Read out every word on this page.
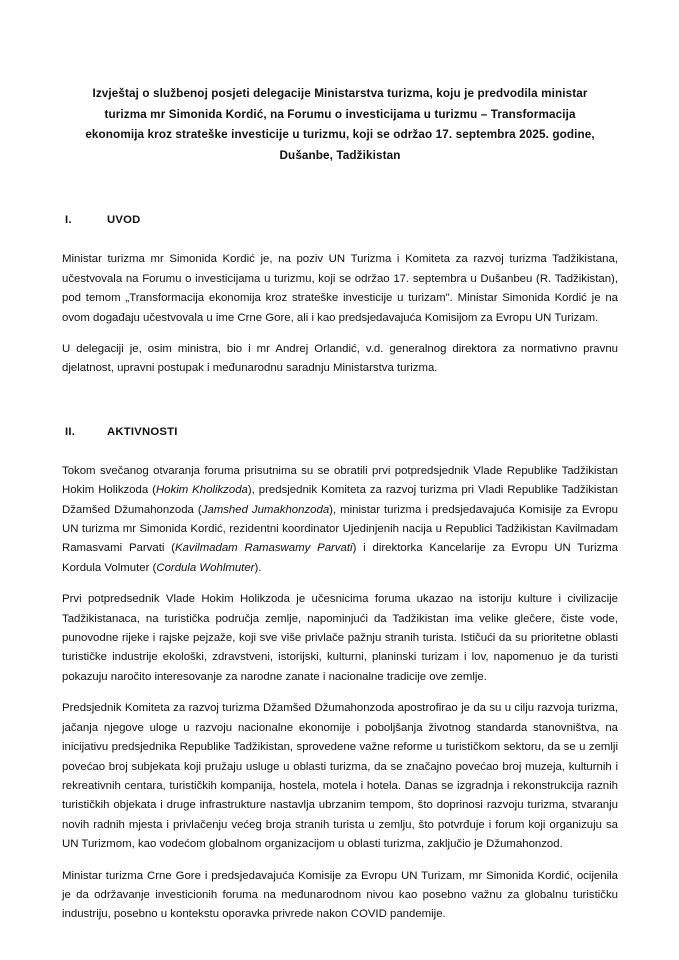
Izvještaj o službenoj posjeti delegacije Ministarstva turizma, koju je predvodila ministar turizma mr Simonida Kordić, na Forumu o investicijama u turizmu – Transformacija ekonomija kroz strateške investicije u turizmu, koji se održao 17. septembra 2025. godine, Dušanbe, Tadžikistan
I.	UVOD

Ministar turizma mr Simonida Kordić je, na poziv UN Turizma i Komiteta za razvoj turizma Tadžikistana, učestvovala na Forumu o investicijama u turizmu, koji se održao 17. septembra u Dušanbeu (R. Tadžikistan), pod temom „Transformacija ekonomija kroz strateške investicije u turizam". Ministar Simonida Kordić je na ovom događaju učestvovala u ime Crne Gore, ali i kao predsjedavajuća Komisijom za Evropu UN Turizam.

U delegaciji je, osim ministra, bio i mr Andrej Orlandić, v.d. generalnog direktora za normativno pravnu djelatnost, upravni postupak i međunarodnu saradnju Ministarstva turizma.

II.	AKTIVNOSTI

Tokom svečanog otvaranja foruma prisutnima su se obratili prvi potpredsjednik Vlade Republike Tadžikistan Hokim Holikzoda (Hokim Kholikzoda), predsjednik Komiteta za razvoj turizma pri Vladi Republike Tadžikistan Džamšed Džumahonzoda (Jamshed Jumakhonzoda), ministar turizma i predsjedavajuća Komisije za Evropu UN turizma mr Simonida Kordić, rezidentni koordinator Ujedinjenih nacija u Republici Tadžikistan Kavilmadam Ramasvami Parvati (Kavilmadam Ramaswamy Parvati) i direktorka Kancelarije za Evropu UN Turizma Kordula Volmuter (Cordula Wohlmuter).

Prvi potpredsednik Vlade Hokim Holikzoda je učesnicima foruma ukazao na istoriju kulture i civilizacije Tadžikistanaca, na turistička područja zemlje, napominjući da Tadžikistan ima velike glečere, čiste vode, punovodne rijeke i rajske pejzaže, koji sve više privlače pažnju stranih turista. Ističući da su prioritetne oblasti turističke industrije ekološki, zdravstveni, istorijski, kulturni, planinski turizam i lov, napomenuo je da turisti pokazuju naročito interesovanje za narodne zanate i nacionalne tradicije ove zemlje.

Predsjednik Komiteta za razvoj turizma Džamšed Džumahonzoda apostrofirao je da su u cilju razvoja turizma, jačanja njegove uloge u razvoju nacionalne ekonomije i poboljšanja životnog standarda stanovništva, na inicijativu predsjednika Republike Tadžikistan, sprovedene važne reforme u turističkom sektoru, da se u zemlji povećao broj subjekata koji pružaju usluge u oblasti turizma, da se značajno povećao broj muzeja, kulturnih i rekreativnih centara, turističkih kompanija, hostela, motela i hotela. Danas se izgradnja i rekonstrukcija raznih turističkih objekata i druge infrastrukture nastavlja ubrzanim tempom, što doprinosi razvoju turizma, stvaranju novih radnih mjesta i privlačenju većeg broja stranih turista u zemlju, što potvrđuje i forum koji organizuju sa UN Turizmom, kao vodećom globalnom organizacijom u oblasti turizma, zaključio je Džumahonzod.

Ministar turizma Crne Gore i predsjedavajuća Komisije za Evropu UN Turizam, mr Simonida Kordić, ocijenila je da održavanje investicionih foruma na međunarodnom nivou kao posebno važnu za globalnu turističku industriju, posebno u kontekstu oporavka privrede nakon COVID pandemije.
